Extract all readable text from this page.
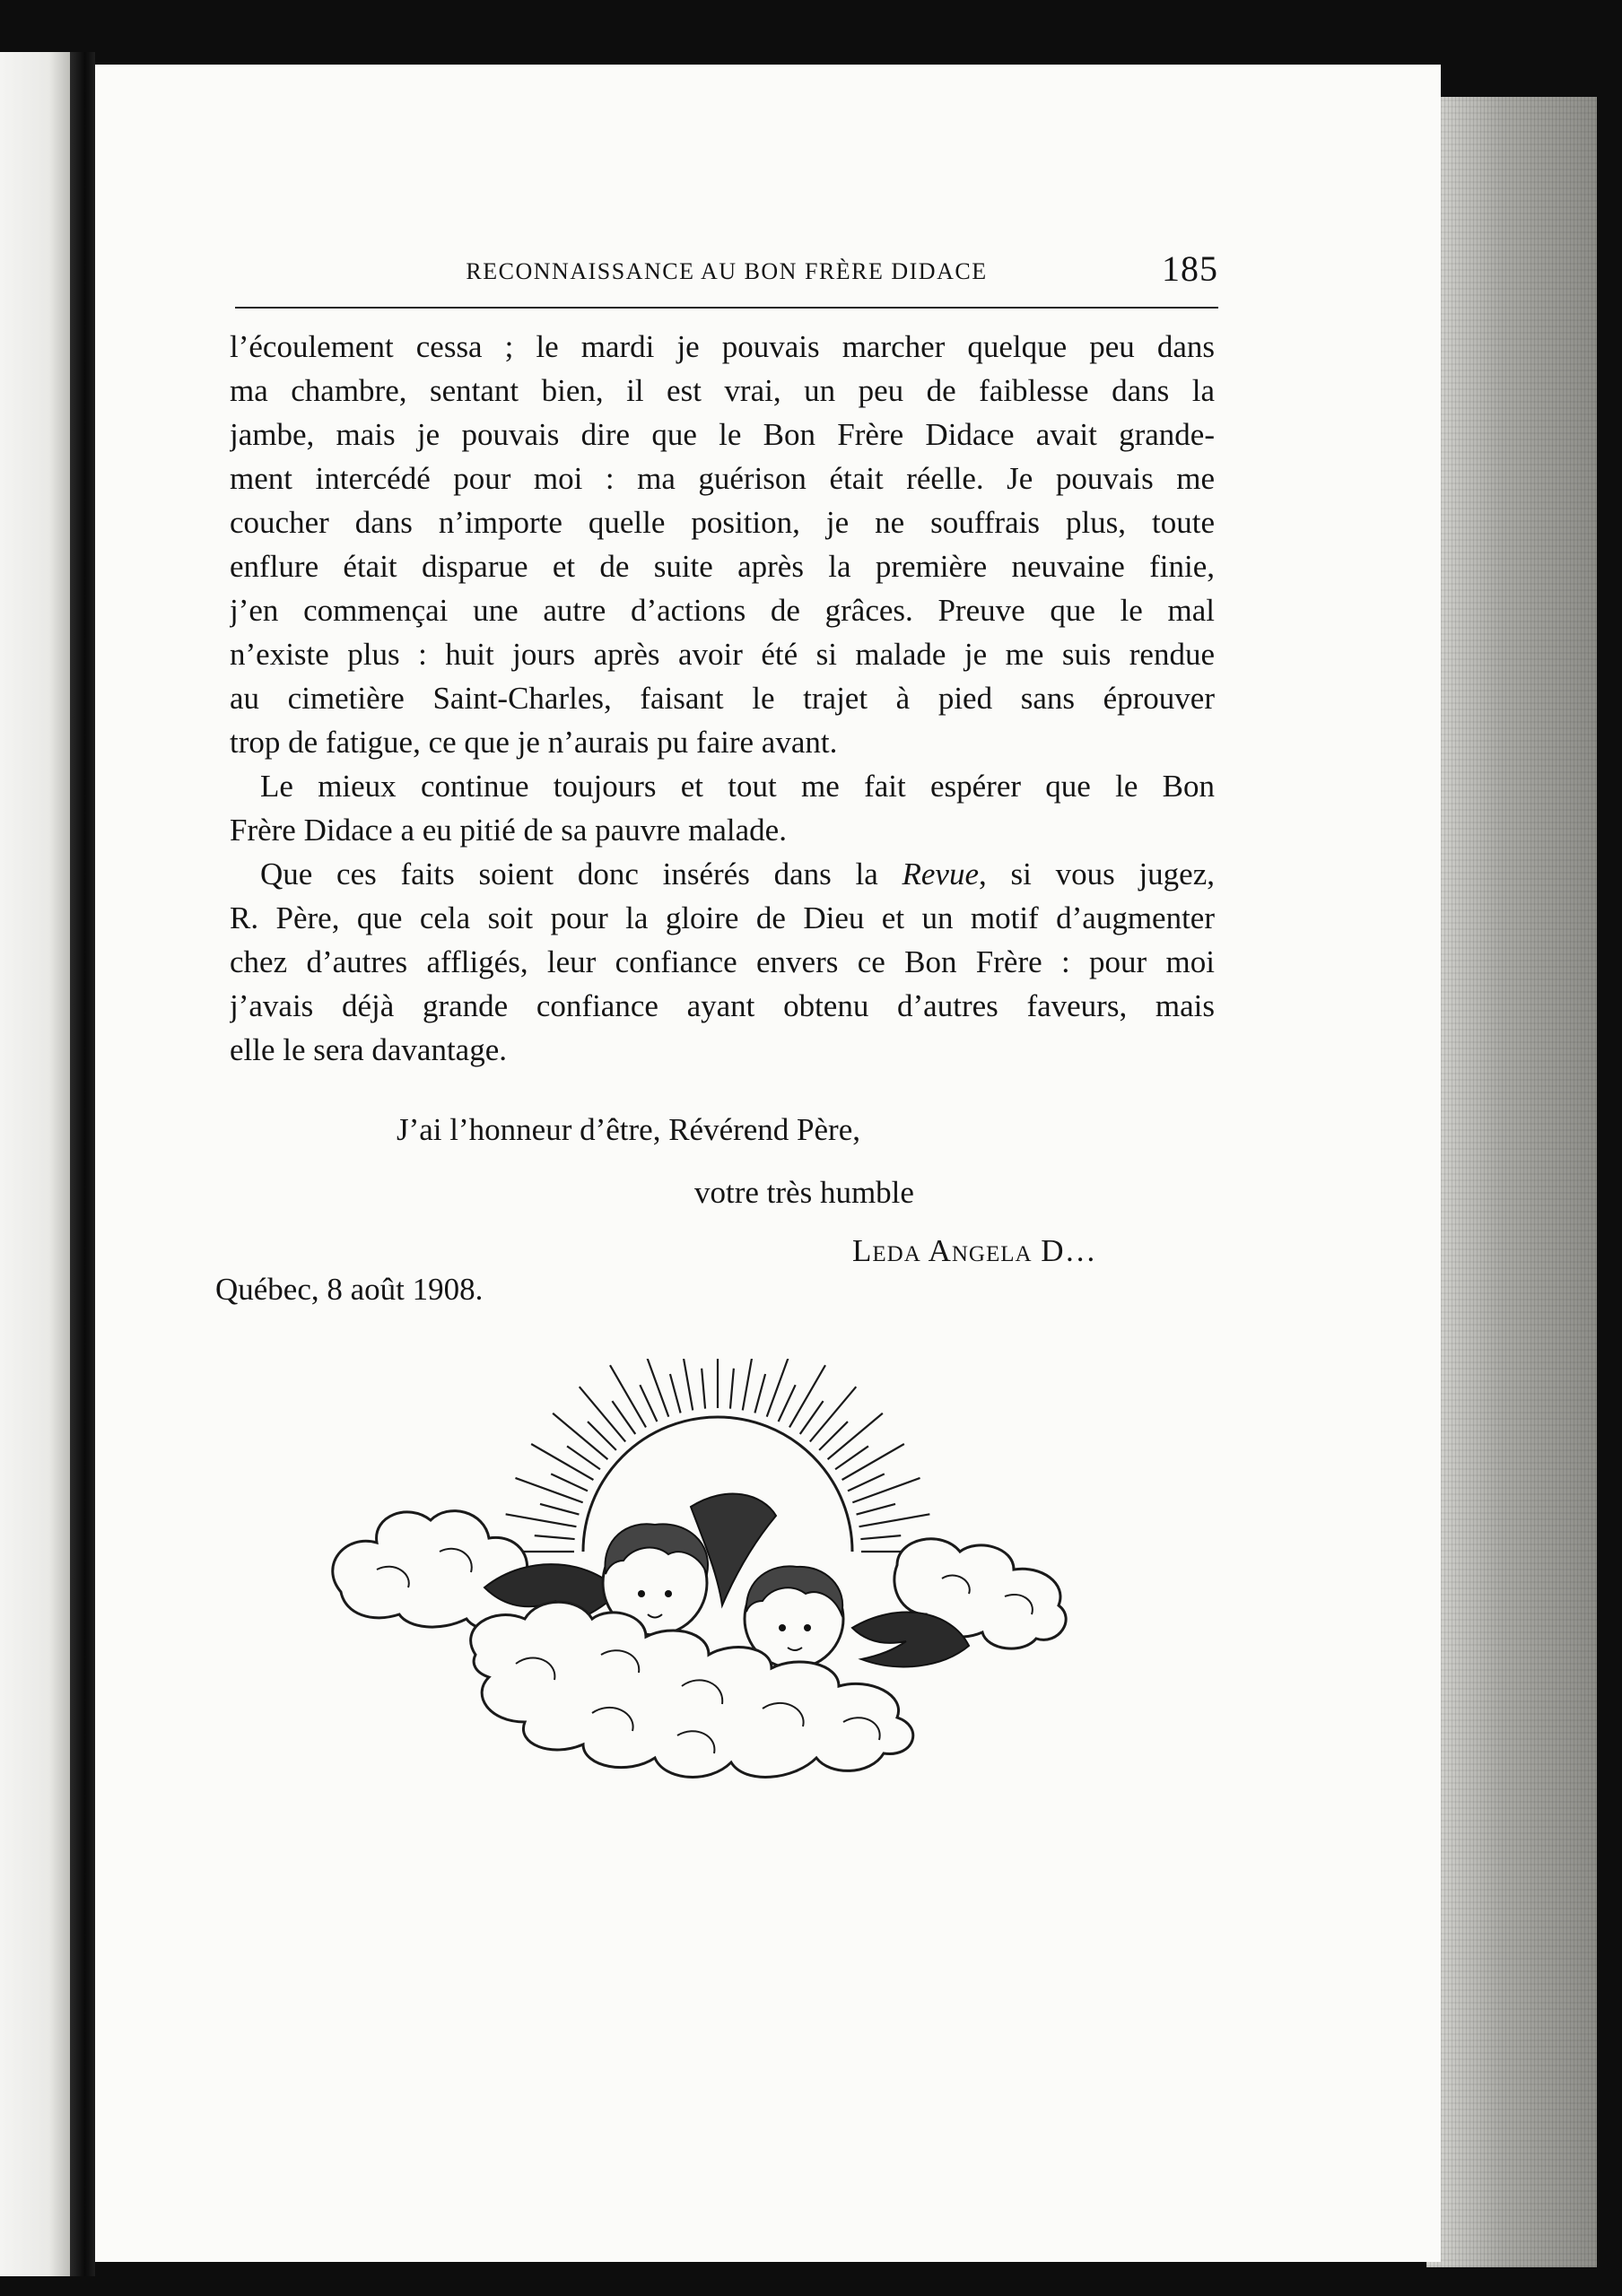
RECONNAISSANCE AU BON FRÈRE DIDACE	185
l’écoulement cessa ; le mardi je pouvais marcher quelque peu dans
ma chambre, sentant bien, il est vrai, un peu de faiblesse dans la
jambe, mais je pouvais dire que le Bon Frère Didace avait grande-
ment intercédé pour moi : ma guérison était réelle. Je pouvais me
coucher dans n’importe quelle position, je ne souffrais plus, toute
enflure était disparue et de suite après la première neuvaine finie,
j’en commençai une autre d’actions de grâces. Preuve que le mal
n’existe plus : huit jours après avoir été si malade je me suis rendue
au cimetière Saint-Charles, faisant le trajet à pied sans éprouver
trop de fatigue, ce que je n’aurais pu faire avant.
Le mieux continue toujours et tout me fait espérer que le Bon
Frère Didace a eu pitié de sa pauvre malade.
Que ces faits soient donc insérés dans la Revue, si vous jugez,
R. Père, que cela soit pour la gloire de Dieu et un motif d’augmenter
chez d’autres affligés, leur confiance envers ce Bon Frère : pour moi
j’avais déjà grande confiance ayant obtenu d’autres faveurs, mais
elle le sera davantage.
J’ai l’honneur d’être, Révérend Père,
votre très humble
Leda Angela D…
Québec, 8 août 1908.
